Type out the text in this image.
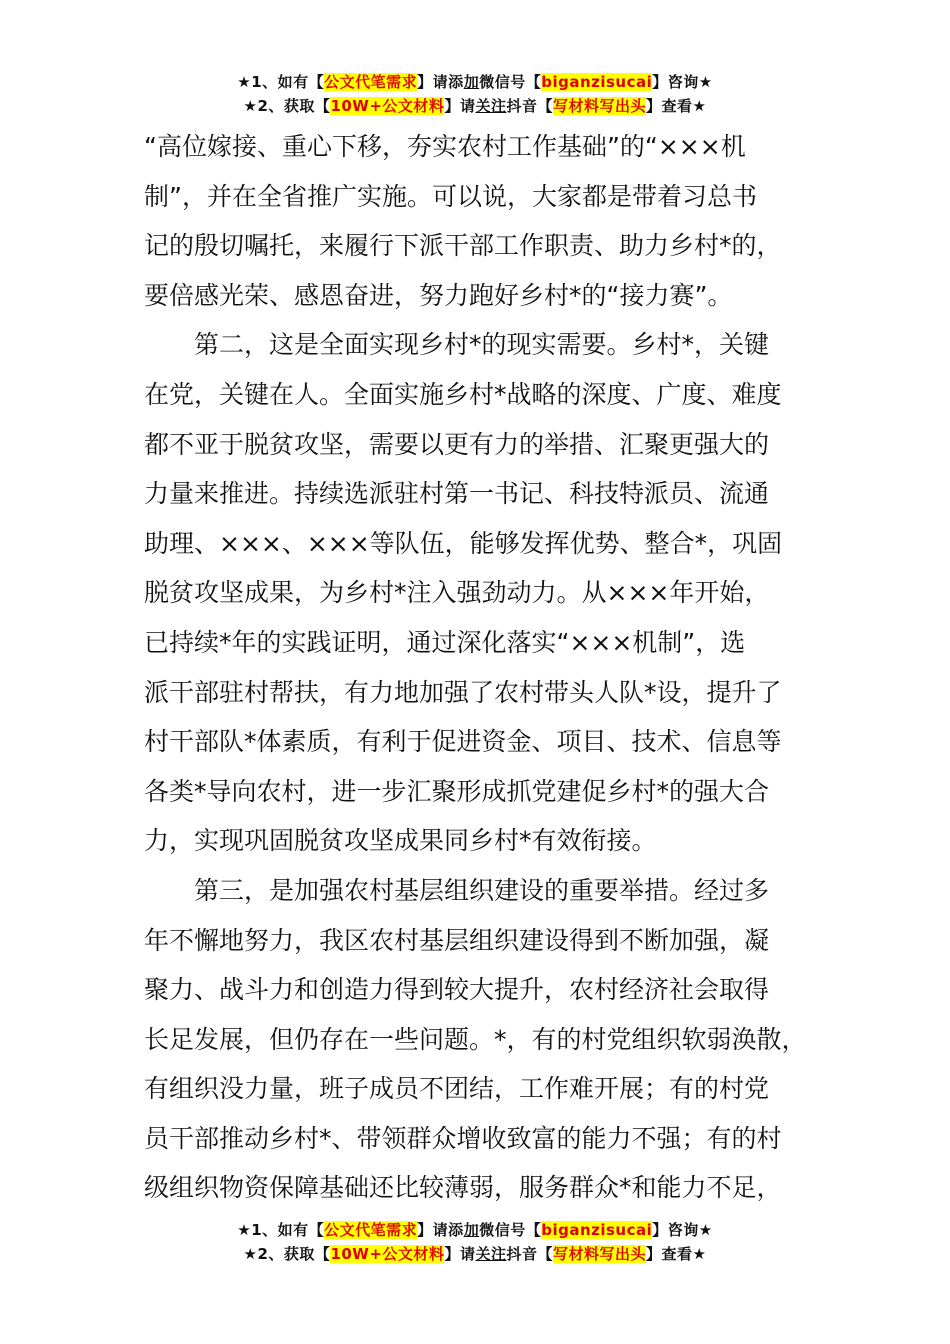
★1、如有【公文代笔需求】请添加微信号【biganzisucai】咨询★
★2、获取【10W+公文材料】请关注抖音【写材料写出头】查看★

“高位嫁接、重心下移，夯实农村工作基础”的“×××机

制”，并在全省推广实施。可以说，大家都是带着习总书

记的殷切嘱托，来履行下派干部工作职责、助力乡村*的，

要倍感光荣、感恩奋进，努力跑好乡村*的“接力赛”。

　　第二，这是全面实现乡村*的现实需要。乡村*，关键

在党，关键在人。全面实施乡村*战略的深度、广度、难度

都不亚于脱贫攻坚，需要以更有力的举措、汇聚更强大的

力量来推进。持续选派驻村第一书记、科技特派员、流通

助理、×××、×××等队伍，能够发挥优势、整合*，巩固

脱贫攻坚成果，为乡村*注入强劲动力。从×××年开始，

已持续*年的实践证明，通过深化落实“×××机制”，选

派干部驻村帮扶，有力地加强了农村带头人队*设，提升了

村干部队*体素质，有利于促进资金、项目、技术、信息等

各类*导向农村，进一步汇聚形成抓党建促乡村*的强大合

力，实现巩固脱贫攻坚成果同乡村*有效衔接。

　　第三，是加强农村基层组织建设的重要举措。经过多

年不懈地努力，我区农村基层组织建设得到不断加强，凝

聚力、战斗力和创造力得到较大提升，农村经济社会取得

长足发展，但仍存在一些问题。*，有的村党组织软弱涣散，

有组织没力量，班子成员不团结，工作难开展；有的村党

员干部推动乡村*、带领群众增收致富的能力不强；有的村

级组织物资保障基础还比较薄弱，服务群众*和能力不足，

★1、如有【公文代笔需求】请添加微信号【biganzisucai】咨询★
★2、获取【10W+公文材料】请关注抖音【写材料写出头】查看★
